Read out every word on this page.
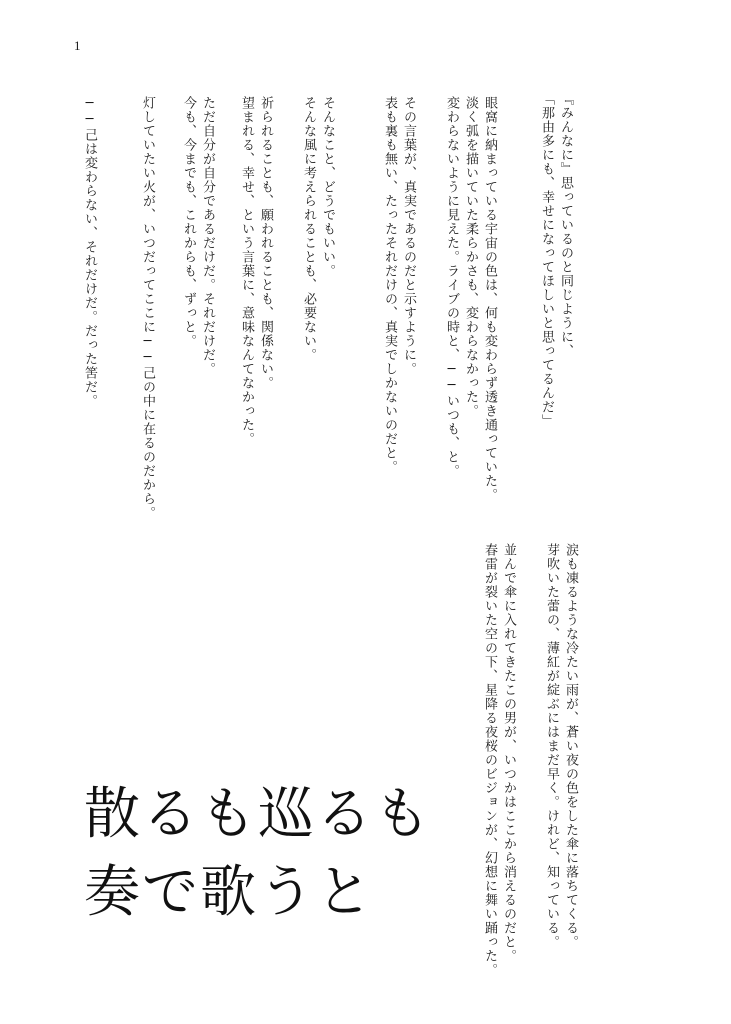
1
『みんなに』思っているのと同じように、
「那由多にも、幸せになってほしいと思ってるんだ」
眼窩に納まっている宇宙の色は、何も変わらず透き通っていた。
淡く弧を描いていた柔らかさも、変わらなかった。
変わらないように見えた。ライブの時と、──いつも、と。
その言葉が、真実であるのだと示すように。
表も裏も無い、たったそれだけの、真実でしかないのだと。
そんなこと、どうでもいい。
そんな風に考えられることも、必要ない。
祈られることも、願われることも、関係ない。
望まれる、幸せ、という言葉に、意味なんてなかった。
ただ自分が自分であるだけだ。それだけだ。
今も、今までも、これからも、ずっと。
灯していたい火が、いつだってここに──己の中に在るのだから。
──己は変わらない、それだけだ。だった筈だ。
涙も凍るような冷たい雨が、蒼い夜の色をした傘に落ちてくる。
芽吹いた蕾の、薄紅が綻ぶにはまだ早く。けれど、知っている。
並んで傘に入れてきたこの男が、いつかはここから消えるのだと。
春雷が裂いた空の下、星降る夜桜のビジョンが、幻想に舞い踊った。
散るも巡るも
奏で歌うと
